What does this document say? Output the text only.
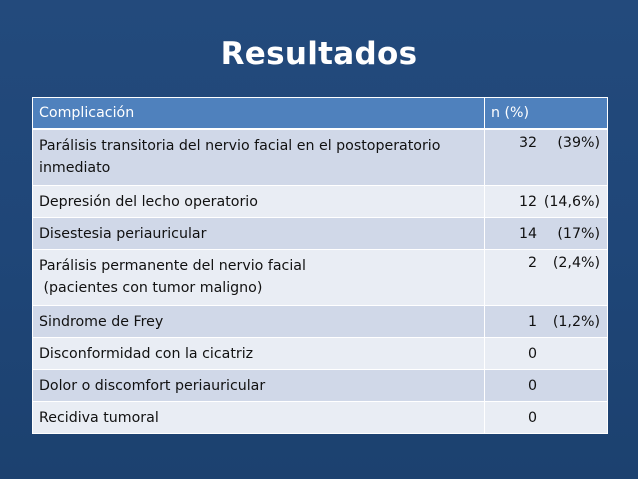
Resultados
Complicación	n (%)
Parálisis transitoria del nervio facial en el postoperatorio
inmediato	32 (39%)
Depresión del lecho operatorio	12 (14,6%)
Disestesia periauricular	14 (17%)
Parálisis permanente del nervio facial
(pacientes con tumor maligno)	2 (2,4%)
Sindrome de Frey	1 (1,2%)
Disconformidad con la cicatriz	0
Dolor o discomfort periauricular	0
Recidiva tumoral	0
